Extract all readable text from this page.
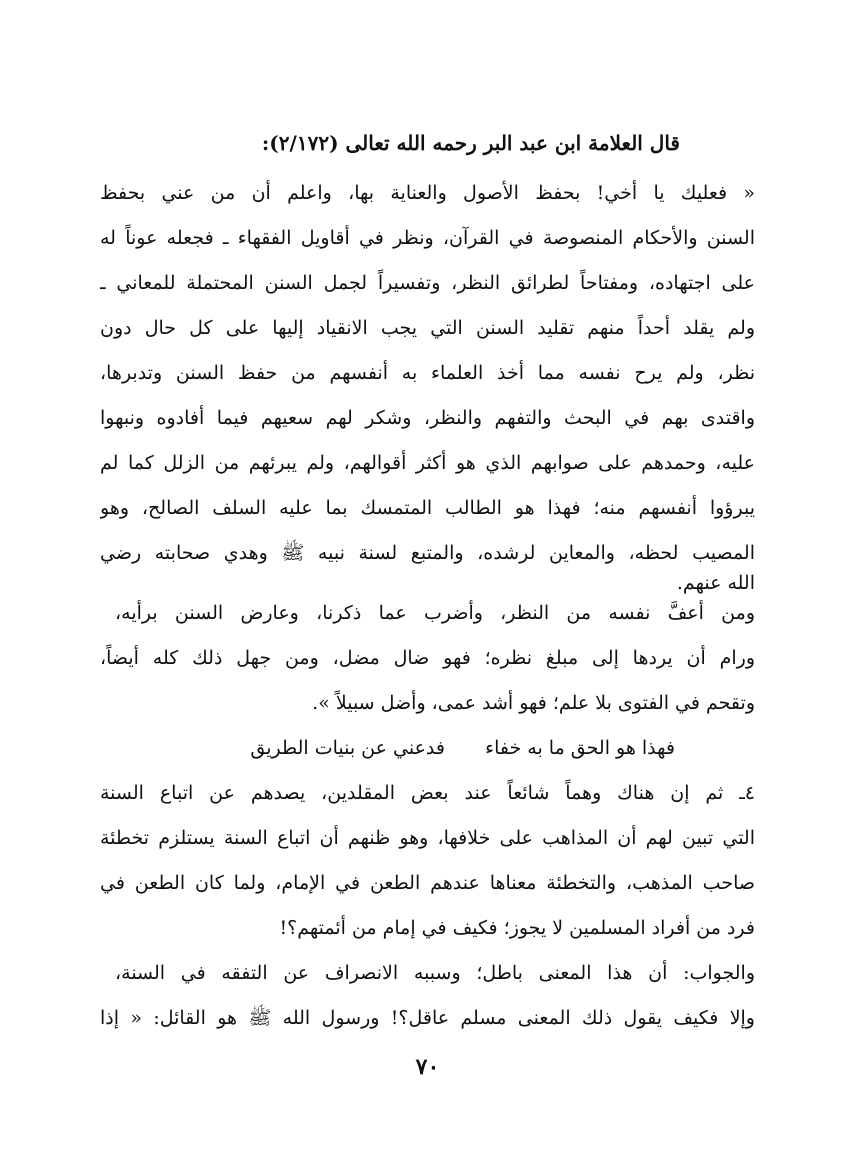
قال العلامة ابن عبد البر رحمه الله تعالى (٢/١٧٢):
« فعليك يا أخي! بحفظ الأصول والعناية بها، واعلم أن من عني بحفظ
السنن والأحكام المنصوصة في القرآن، ونظر في أقاويل الفقهاء ـ فجعله عوناً له
على اجتهاده، ومفتاحاً لطرائق النظر، وتفسيراً لجمل السنن المحتملة للمعاني ـ
ولم يقلد أحداً منهم تقليد السنن التي يجب الانقياد إليها على كل حال دون
نظر، ولم يرح نفسه مما أخذ العلماء به أنفسهم من حفظ السنن وتدبرها،
واقتدى بهم في البحث والتفهم والنظر، وشكر لهم سعيهم فيما أفادوه ونبهوا
عليه، وحمدهم على صوابهم الذي هو أكثر أقوالهم، ولم يبرئهم من الزلل كما لم
يبرؤوا أنفسهم منه؛ فهذا هو الطالب المتمسك بما عليه السلف الصالح، وهو
المصيب لحظه، والمعاين لرشده، والمتبع لسنة نبيه ﷺ وهدي صحابته رضي
الله عنهم.
ومن أعفَّ نفسه من النظر، وأضرب عما ذكرنا، وعارض السنن برأيه،
ورام أن يردها إلى مبلغ نظره؛ فهو ضال مضل، ومن جهل ذلك كله أيضاً،
وتقحم في الفتوى بلا علم؛ فهو أشد عمى، وأضل سبيلاً ».
فهذا هو الحق ما به خفاء
فدعني عن بنيات الطريق
٤ـ ثم إن هناك وهماً شائعاً عند بعض المقلدين، يصدهم عن اتباع السنة
التي تبين لهم أن المذاهب على خلافها، وهو ظنهم أن اتباع السنة يستلزم تخطئة
صاحب المذهب، والتخطئة معناها عندهم الطعن في الإمام، ولما كان الطعن في
فرد من أفراد المسلمين لا يجوز؛ فكيف في إمام من أئمتهم؟!
والجواب: أن هذا المعنى باطل؛ وسببه الانصراف عن التفقه في السنة،
وإلا فكيف يقول ذلك المعنى مسلم عاقل؟! ورسول الله ﷺ هو القائل: « إذا
٧٠
